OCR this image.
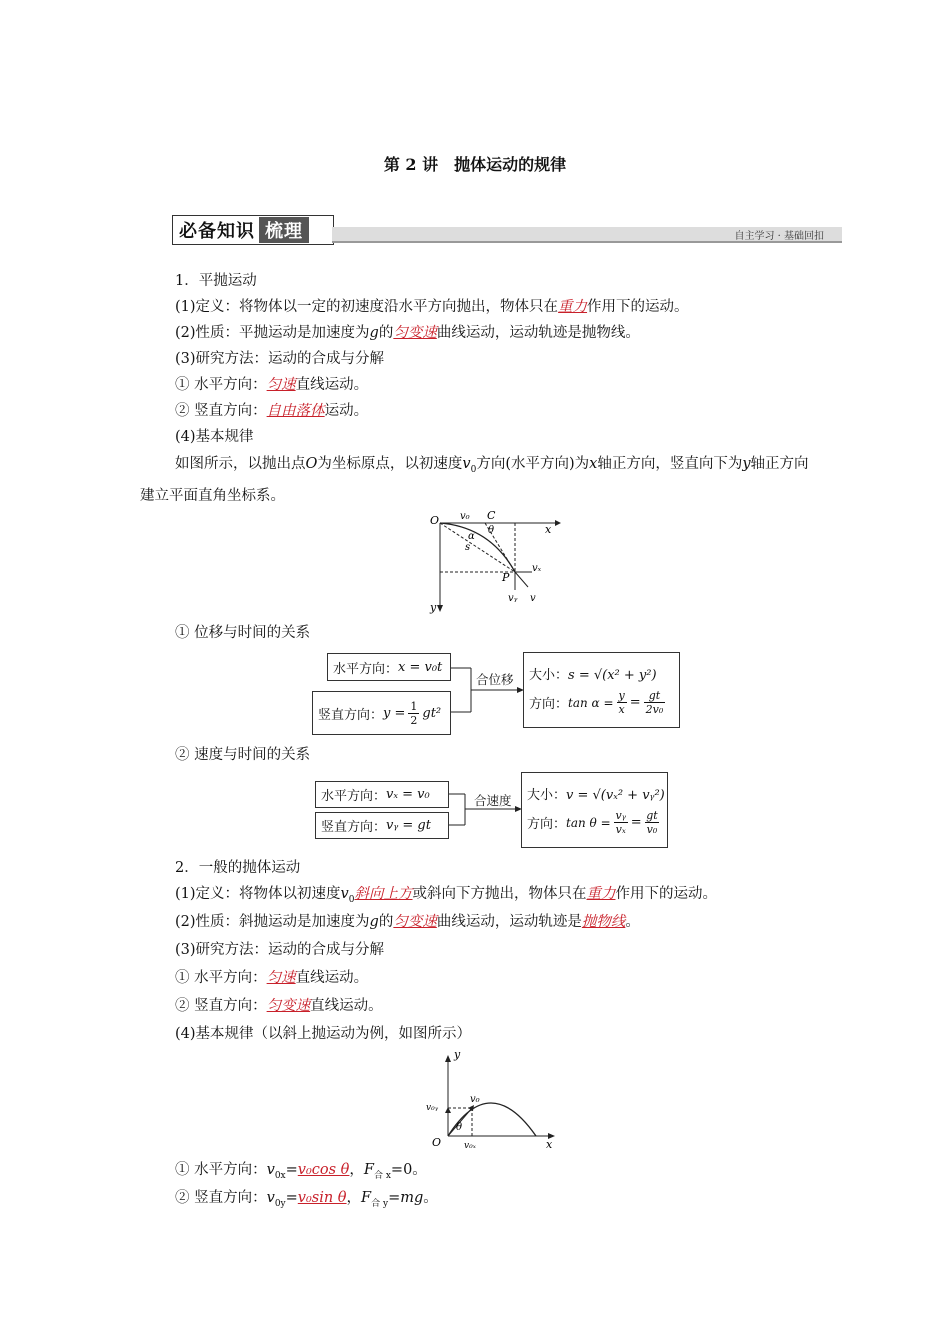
第 2 讲　抛体运动的规律
必备知识 梳理	自主学习 · 基础回扣
1．平抛运动
(1)定义：将物体以一定的初速度沿水平方向抛出，物体只在重力作用下的运动。
(2)性质：平抛运动是加速度为g的匀变速曲线运动，运动轨迹是抛物线。
(3)研究方法：运动的合成与分解
① 水平方向：匀速直线运动。
② 竖直方向：自由落体运动。
(4)基本规律
如图所示，以抛出点O为坐标原点，以初速度$v_0$方向(水平方向)为x轴正方向，竖直向下为y轴正方向建立平面直角坐标系。
O v₀ C
x
θ
α
s
vₓ
P
vᵧ v
y
① 位移与时间的关系
水平方向： x = v₀t
竖直方向： $y = \frac{1}{2} gt^2$
合位移 大小：s = √(x² + y²)
方向： $\tan \alpha = \frac{y}{x} = \frac{gt}{\text{2v₀}}$
② 速度与时间的关系
水平方向： vₓ = v₀
竖直方向： vᵧ = gt
合速度 大小：v = √(vₓ² + vᵧ²)
方向： $\tan \theta = \frac{\text{vᵧ}}{\text{vₓ}} = \frac{gt}{\text{v₀}}$
2．一般的抛体运动
(1)定义：将物体以初速度$v_0$斜向上方或斜向下方抛出，物体只在重力作用下的运动。
(2)性质：斜抛运动是加速度为g的匀变速曲线运动，运动轨迹是抛物线。
(3)研究方法：运动的合成与分解
① 水平方向：匀速直线运动。
② 竖直方向：匀变速直线运动。
(4)基本规律（以斜上抛运动为例，如图所示）
y
v₀
v₀ᵧ
θ
O	v₀ₓ	x
① 水平方向：$v_{0x}=v_0\cos$ θ，$F_{合 x}=0$。
② 竖直方向：$v_{0y}=v_0\sin$ θ，$F_{合 y}=mg$。
